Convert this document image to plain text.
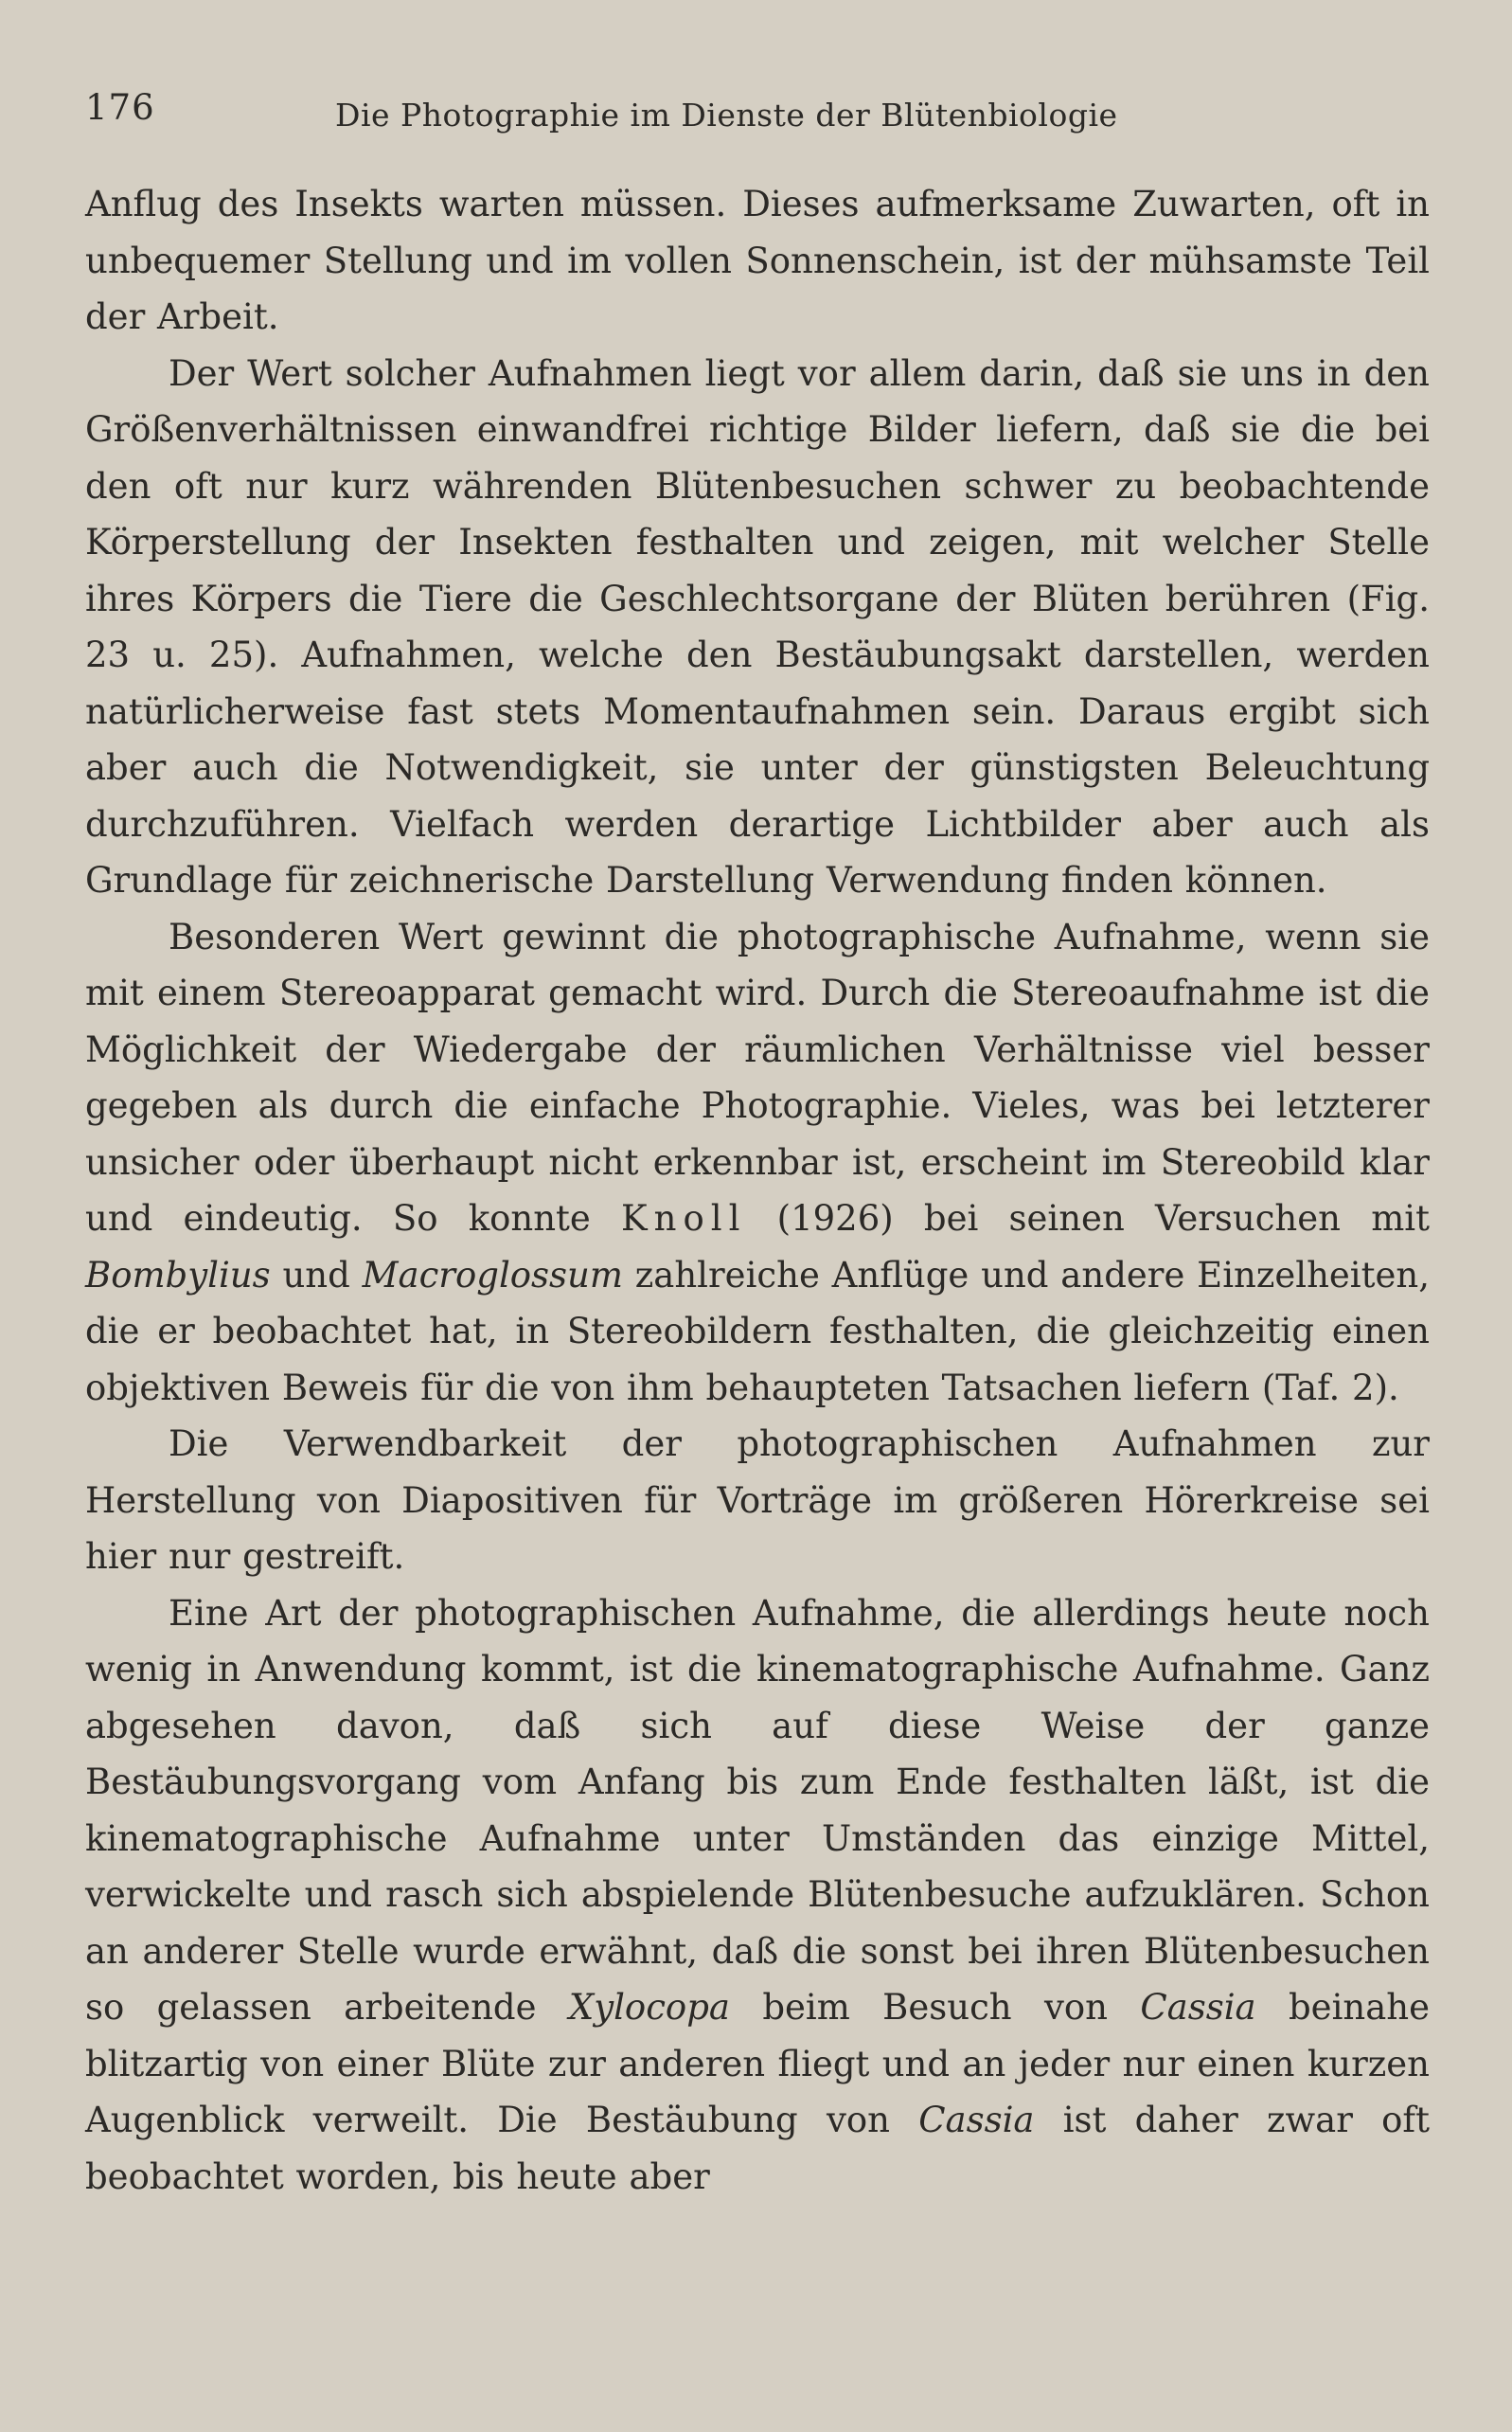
176	Die Photographie im Dienste der Blütenbiologie

Anflug des Insekts warten müssen. Dieses aufmerksame Zuwarten, oft in unbequemer Stellung und im vollen Sonnenschein, ist der mühsamste Teil der Arbeit.

Der Wert solcher Aufnahmen liegt vor allem darin, daß sie uns in den Größenverhältnissen einwandfrei richtige Bilder liefern, daß sie die bei den oft nur kurz währenden Blütenbesuchen schwer zu beobachtende Körperstellung der Insekten festhalten und zeigen, mit welcher Stelle ihres Körpers die Tiere die Geschlechtsorgane der Blüten berühren (Fig. 23 u. 25). Aufnahmen, welche den Bestäubungsakt darstellen, werden natürlicherweise fast stets Momentaufnahmen sein. Daraus ergibt sich aber auch die Notwendigkeit, sie unter der günstigsten Beleuchtung durchzuführen. Vielfach werden derartige Lichtbilder aber auch als Grundlage für zeichnerische Darstellung Verwendung finden können.

Besonderen Wert gewinnt die photographische Aufnahme, wenn sie mit einem Stereoapparat gemacht wird. Durch die Stereoaufnahme ist die Möglichkeit der Wiedergabe der räumlichen Verhältnisse viel besser gegeben als durch die einfache Photographie. Vieles, was bei letzterer unsicher oder überhaupt nicht erkennbar ist, erscheint im Stereobild klar und eindeutig. So konnte Knoll (1926) bei seinen Versuchen mit Bombylius und Macroglossum zahlreiche Anflüge und andere Einzelheiten, die er beobachtet hat, in Stereobildern festhalten, die gleichzeitig einen objektiven Beweis für die von ihm behaupteten Tatsachen liefern (Taf. 2).

Die Verwendbarkeit der photographischen Aufnahmen zur Herstellung von Diapositiven für Vorträge im größeren Hörerkreise sei hier nur gestreift.

Eine Art der photographischen Aufnahme, die allerdings heute noch wenig in Anwendung kommt, ist die kinematographische Aufnahme. Ganz abgesehen davon, daß sich auf diese Weise der ganze Bestäubungsvorgang vom Anfang bis zum Ende festhalten läßt, ist die kinematographische Aufnahme unter Umständen das einzige Mittel, verwickelte und rasch sich abspielende Blütenbesuche aufzuklären. Schon an anderer Stelle wurde erwähnt, daß die sonst bei ihren Blütenbesuchen so gelassen arbeitende Xylocopa beim Besuch von Cassia beinahe blitzartig von einer Blüte zur anderen fliegt und an jeder nur einen kurzen Augenblick verweilt. Die Bestäubung von Cassia ist daher zwar oft beobachtet worden, bis heute aber
